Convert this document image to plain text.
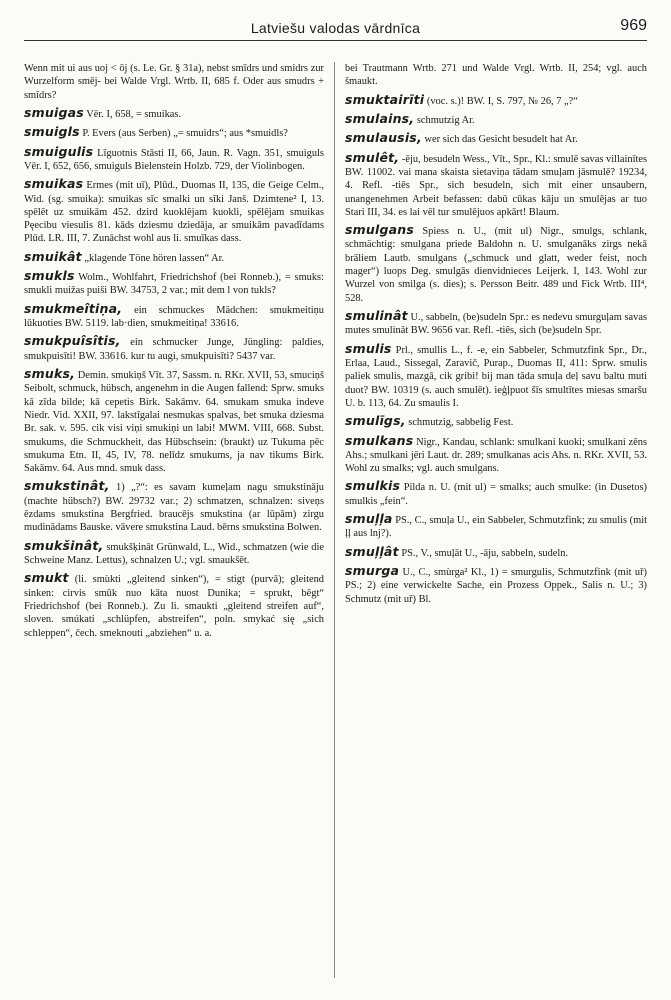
Latviešu valodas vārdnīca	969

Wenn mit ui aus uoj < ōj (s. Le. Gr. § 31a), nebst smīdrs und smidrs zur Wurzelform smēj- bei Walde Vrgl. Wrtb. II, 685 f. Oder aus smudrs + smīdrs?

smuigas Vēr. I, 658, = smuikas.

smuigls P. Evers (aus Serben) „= smuidrs“; aus *smuidls?

smuigulis Līguotnis Stāsti II, 66, Jaun. R. Vagn. 351, smuiguls Vēr. I, 652, 656, smuiguls Bielenstein Holzb. 729, der Violinbogen.

smuikas Ermes (mit uī), Plūd., Duomas II, 135, die Geige Celm., Wid. (sg. smuika): smuikas sīc smalki un sīki Janš. Dzimtene² I, 13. spēlēt uz smuikām 452. dzird kuoklējam kuokli, spēlējam smuikas Pęecibu viesulis 81. kāds dziesmu dziedāja, ar smuikām pavadīdams Plūd. LR. III, 7. Zunāchst wohl aus li. smuīkas dass.

smuikât „klagende Töne hören lassen“ Ar.

smukls Wolm., Wohlfahrt, Friedrichshof (bei Ronneb.), = smuks: smukli muižas puiši BW. 34753, 2 var.; mit dem l von tukls?

smukmeîtiṇa, ein schmuckes Mädchen: smukmeitiṇu lūkuoties BW. 5119. lab·dien, smukmeitiṇa! 33616.

smukpuîsîtis, ein schmucker Junge, Jüngling: paldies, smukpuisīti! BW. 33616. kur tu augi, smukpuisīti? 5437 var.

smuks, Demin. smukiņš Vīt. 37, Sassm. n. RKr. XVII, 53, smuciņš Seibolt, schmuck, hübsch, angenehm in die Augen fallend: Sprw. smuks kā zīda bilde; kā cepetis Birk. Sakāmv. 64. smukam smuka indeve Niedr. Vid. XXII, 97. lakstīgalai nesmukas spalvas, bet smuka dziesma Br. sak. v. 595. cik visi viņi smukiņi un labi! MWM. VIII, 668. Subst. smukums, die Schmuckheit, das Hübschsein: (braukt) uz Tukuma pēc smukuma Etn. II, 45, IV, 78. nelīdz smukums, ja nav tikums Birk. Sakāmv. 64. Aus mnd. smuk dass.

smukstinât, 1) „?“: es savam kumeļam nagu smukstināju (machte hübsch?) BW. 29732 var.; 2) schmatzen, schnalzen: siveņs ēzdams smukstina Bergfried. braucējs smukstina (ar lūpām) zirgu mudinādams Bauske. vāvere smukstina Laud. bērns smukstina Bolwen.

smukšinât, smukšķināt Grünwald, L., Wid., schmatzen (wie die Schweine Manz. Lettus), schnalzen U.; vgl. smaukšēt.

smukt (li. smùkti „gleitend sinken“), = stigt (purvā); gleitend sinken: cirvis smūk nuo kāta nuost Dunika; = sprukt, bēgt“ Friedrichshof (bei Ronneb.). Zu li. smaukti „gleitend streifen auf“, sloven. smúkati „schlüpfen, abstreifen“, poln. smykać się „sich schleppen“, čech. smeknouti „abziehen“ u. a.

bei Trautmann Wrtb. 271 und Walde Vrgl. Wrtb. II, 254; vgl. auch šmaukt.

smuktairīti (voc. s.)! BW. I, S. 797, № 26, 7 „?“

smulains, schmutzig Ar.

smulausis, wer sich das Gesicht besudelt hat Ar.

smulêt, -ēju, besudeln Wess., Vīt., Spr., Kl.: smulē savas villainītes BW. 11002. vai mana skaista sietaviṇa tādam smuļam jāsmulē? 19234, 4. Refl. -tiês Spr., sich besudeln, sich mit einer unsaubern, unangenehmen Arbeit befassen: dabū cūkas kāju un smulējas ar tuo Stari III, 34. es lai vēl tur smulējuos apkārt! Blaum.

smulgans Spiess n. U., (mit ul) Nigr., smulgs, schlank, schmächtig: smulgana priede Baldohn n. U. smulganāks zirgs nekā brāliem Lautb. smulgans („schmuck und glatt, weder feist, noch mager“) luops Deg. smulgās dienvidnieces Leijerk. I, 143. Wohl zur Wurzel von smilga (s. dies); s. Persson Beitr. 489 und Fick Wrtb. III⁴, 528.

smulinât U., sabbeln, (be)sudeln Spr.: es nedevu smurguļam savas mutes smulināt BW. 9656 var. Refl. -tiês, sich (be)sudeln Spr.

smulis Prl., smullis L., f. -e, ein Sabbeler, Schmutzfink Spr., Dr., Erlaa, Laud., Sissegal, Zaravič, Purap., Duomas II, 411: Sprw. smulis paliek smulis, mazgā, cik gribi! bij man tāda smuļa deļ savu baltu muti duot? BW. 10319 (s. auch smulēt). ieģļpuot šīs smultītes miesas smaršu U. b. 113, 64. Zu smaulis I.

smulīgs, schmutzig, sabbelig Fest.

smulkans Nigr., Kandau, schlank: smulkani kuoki; smulkani zēns Ahs.; smulkani jēri Laut. dr. 289; smulkanas acis Ahs. n. RKr. XVII, 53. Wohl zu smalks; vgl. auch smulgans.

smulkis Pilda n. U. (mit ul) = smalks; auch smulke: (in Dusetos) smulkis „fein“.

smuļļa PS., C., smuļa U., ein Sabbeler, Schmutzfink; zu smulis (mit ļļ aus lnj?).

smuļļât PS., V., smuļāt U., -āju, sabbeln, sudeln.

smurga U., C., smùrga² Kl., 1) = smurgulis, Schmutzfink (mit uř) PS.; 2) eine verwickelte Sache, ein Prozess Oppek., Salis n. U.; 3) Schmutz (mit uř) Bl.
